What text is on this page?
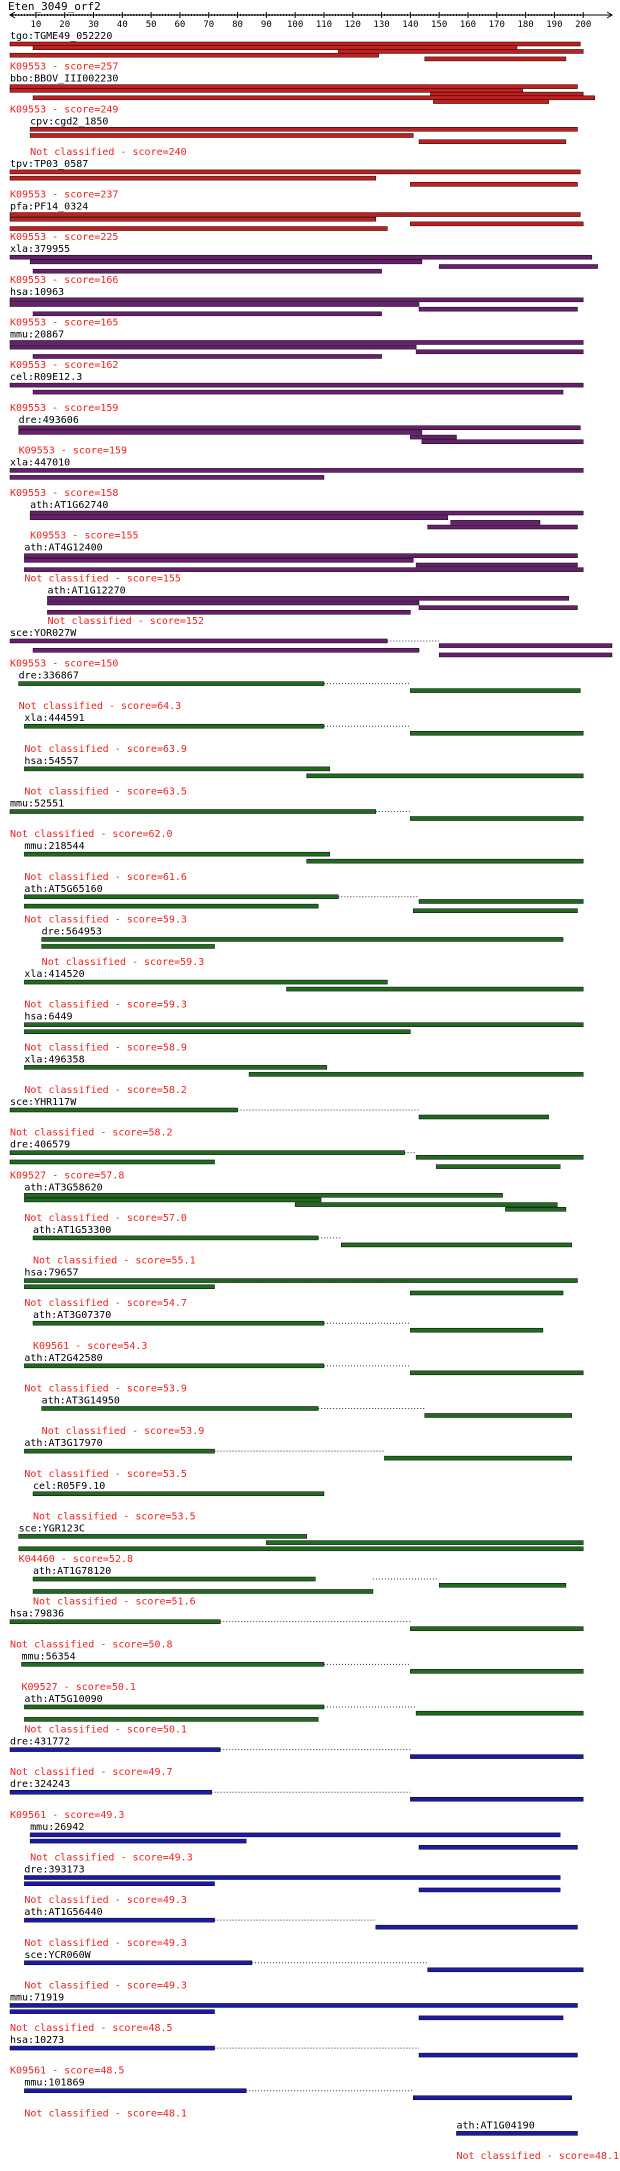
Eten_3049_orf2
10 20 30 40 50 60 70 80 90 100 110 120 130 140 150 160 170 180 190 200
tgo:TGME49_052220
K09553 - score=257
bbo:BBOV_III002230
K09553 - score=249
cpv:cgd2_1850
Not classified - score=240
tpv:TP03_0587
K09553 - score=237
pfa:PF14_0324
K09553 - score=225
xla:379955
K09553 - score=166
hsa:10963
K09553 - score=165
mmu:20867
K09553 - score=162
cel:R09E12.3
K09553 - score=159
dre:493606
K09553 - score=159
xla:447010
K09553 - score=158
ath:AT1G62740
K09553 - score=155
ath:AT4G12400
Not classified - score=155
ath:AT1G12270
Not classified - score=152
sce:YOR027W
K09553 - score=150
dre:336867
Not classified - score=64.3
xla:444591
Not classified - score=63.9
hsa:54557
Not classified - score=63.5
mmu:52551
Not classified - score=62.0
mmu:218544
Not classified - score=61.6
ath:AT5G65160
Not classified - score=59.3
dre:564953
Not classified - score=59.3
xla:414520
Not classified - score=59.3
hsa:6449
Not classified - score=58.9
xla:496358
Not classified - score=58.2
sce:YHR117W
Not classified - score=58.2
dre:406579
K09527 - score=57.8
ath:AT3G58620
Not classified - score=57.0
ath:AT1G53300
Not classified - score=55.1
hsa:79657
Not classified - score=54.7
ath:AT3G07370
K09561 - score=54.3
ath:AT2G42580
Not classified - score=53.9
ath:AT3G14950
Not classified - score=53.9
ath:AT3G17970
Not classified - score=53.5
cel:R05F9.10
Not classified - score=53.5
sce:YGR123C
K04460 - score=52.8
ath:AT1G78120
Not classified - score=51.6
hsa:79836
Not classified - score=50.8
mmu:56354
K09527 - score=50.1
ath:AT5G10090
Not classified - score=50.1
dre:431772
Not classified - score=49.7
dre:324243
K09561 - score=49.3
mmu:26942
Not classified - score=49.3
dre:393173
Not classified - score=49.3
ath:AT1G56440
Not classified - score=49.3
sce:YCR060W
Not classified - score=49.3
mmu:71919
Not classified - score=48.5
hsa:10273
K09561 - score=48.5
mmu:101869
Not classified - score=48.1
ath:AT1G04190
Not classified - score=48.1
